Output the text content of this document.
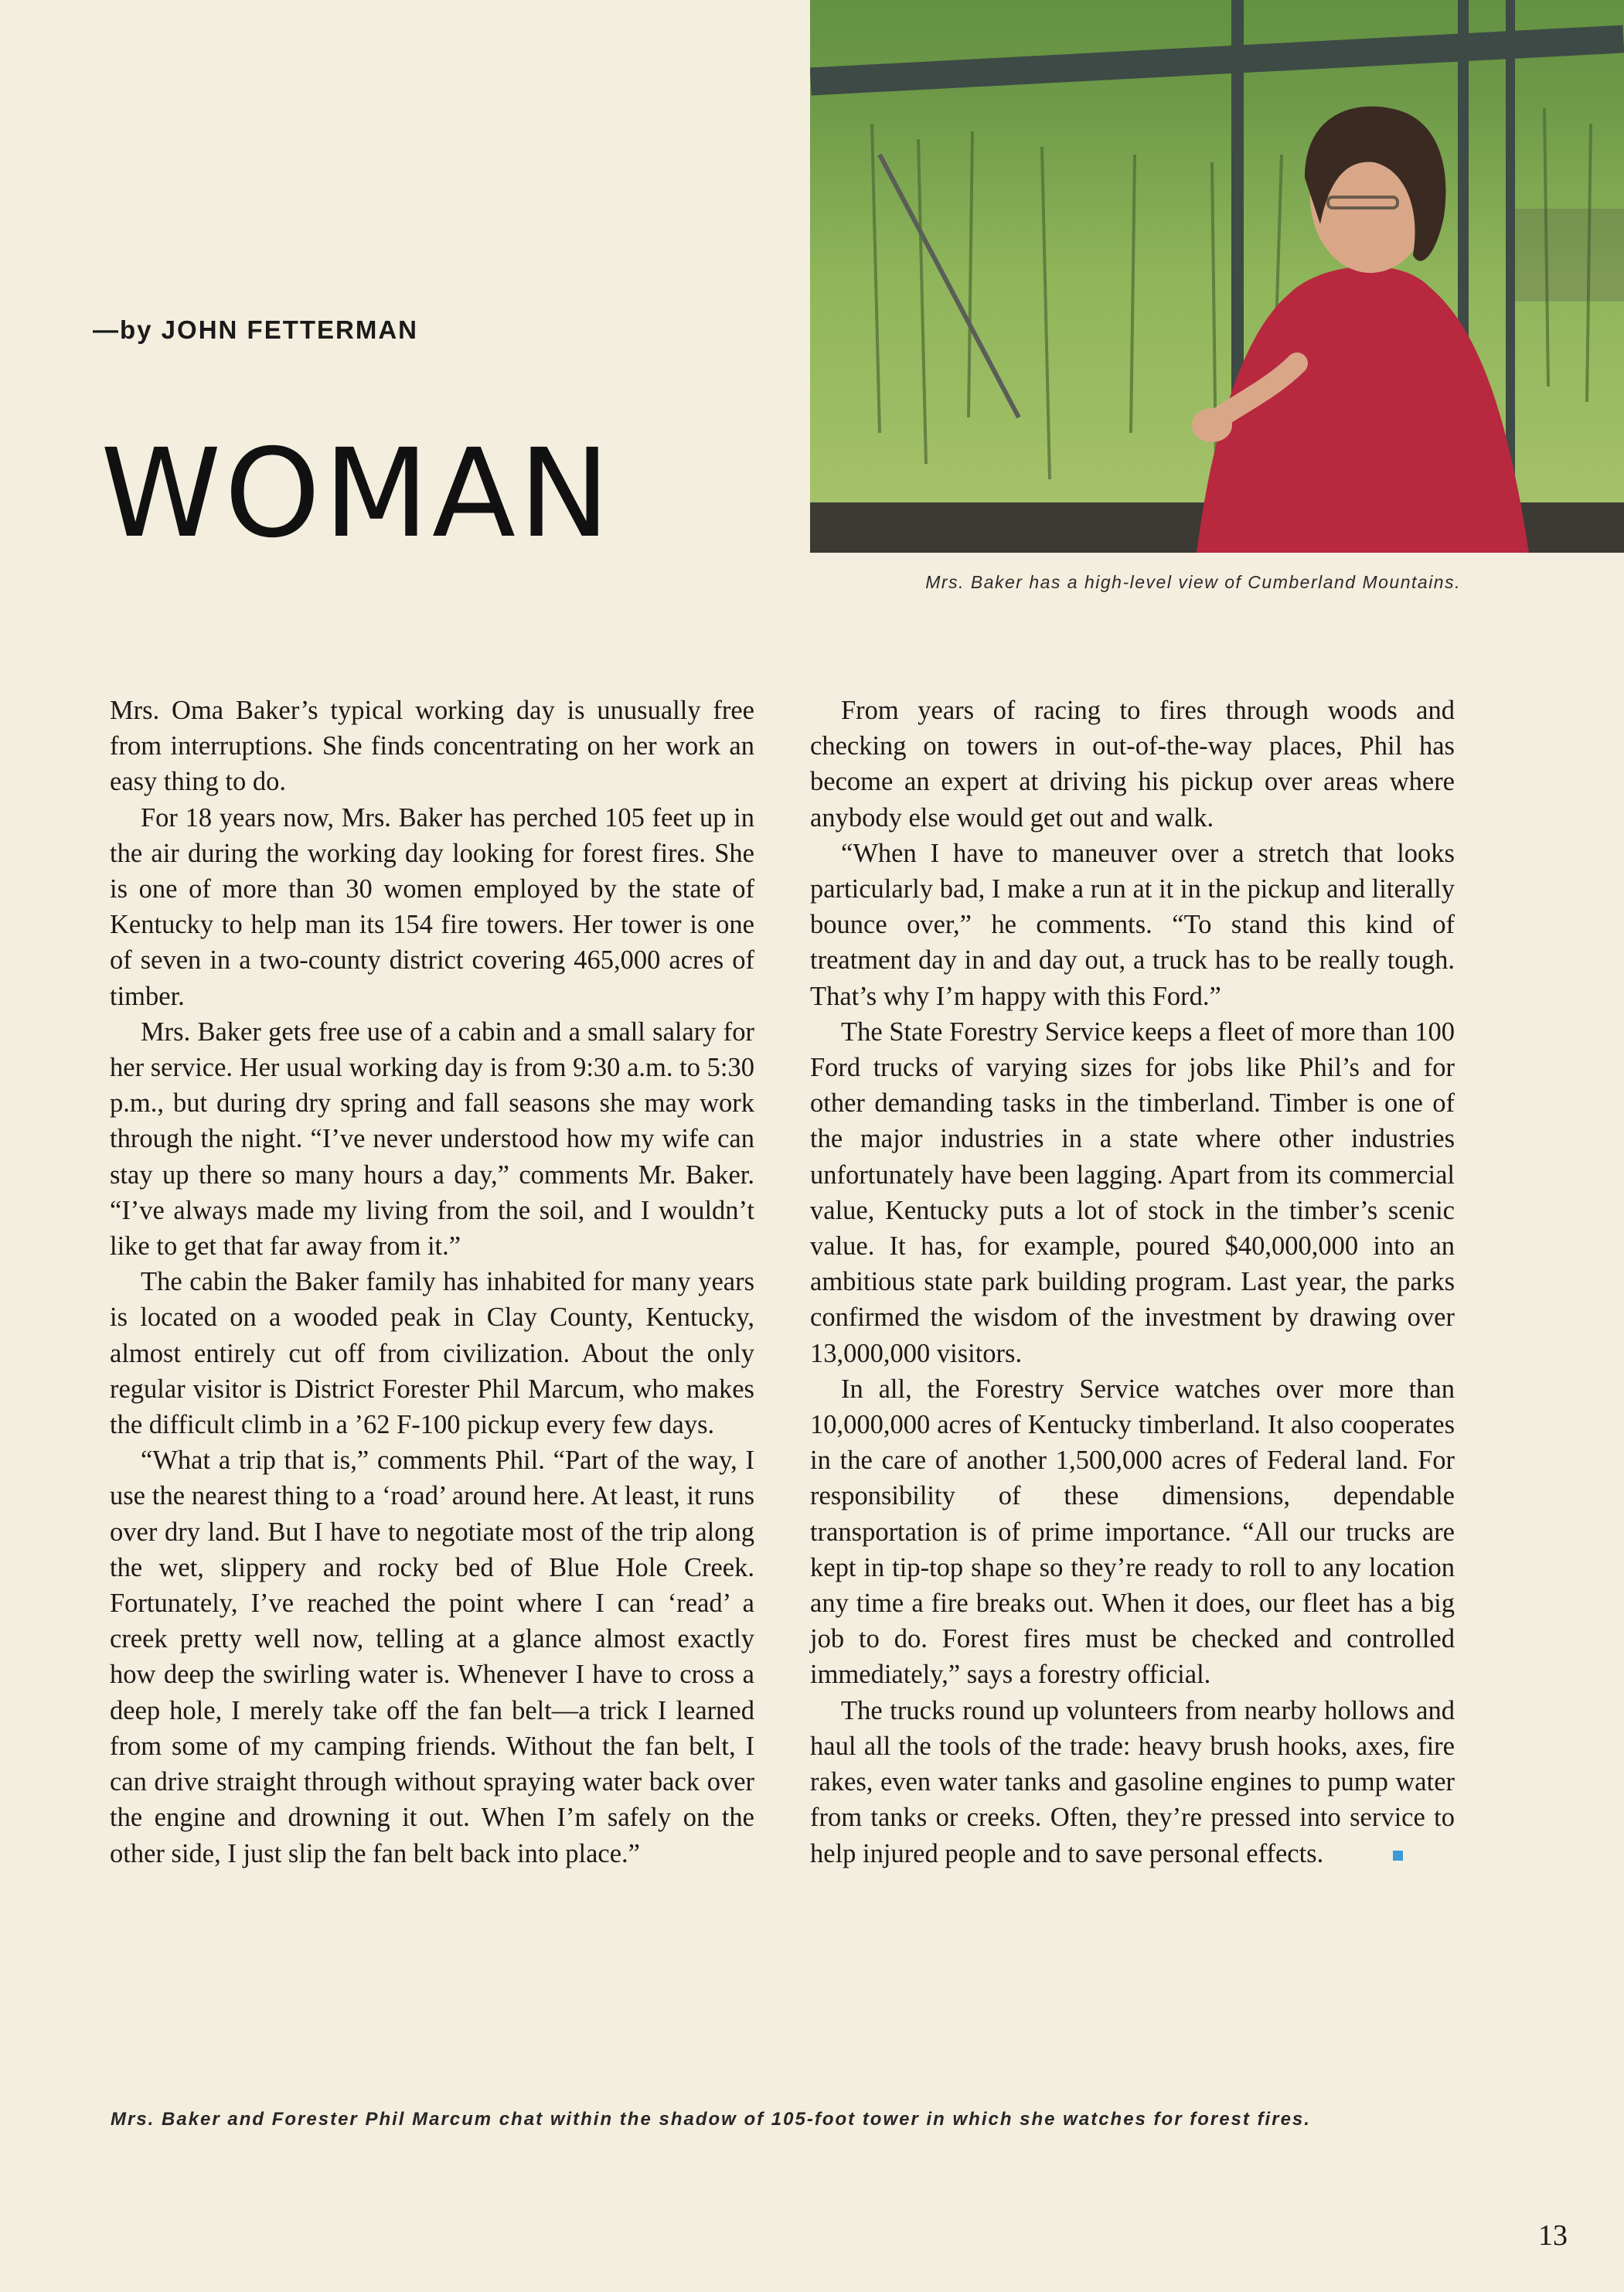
—by JOHN FETTERMAN
WOMAN
Mrs. Baker has a high-level view of Cumberland Mountains.

Mrs. Oma Baker’s typical working day is unusually free from interruptions. She finds concentrating on her work an easy thing to do.

For 18 years now, Mrs. Baker has perched 105 feet up in the air during the working day looking for forest fires. She is one of more than 30 women employed by the state of Kentucky to help man its 154 fire towers. Her tower is one of seven in a two-county district covering 465,000 acres of timber.

Mrs. Baker gets free use of a cabin and a small salary for her service. Her usual working day is from 9:30 a.m. to 5:30 p.m., but during dry spring and fall seasons she may work through the night. “I’ve never understood how my wife can stay up there so many hours a day,” comments Mr. Baker. “I’ve always made my living from the soil, and I wouldn’t like to get that far away from it.”

The cabin the Baker family has inhabited for many years is located on a wooded peak in Clay County, Kentucky, almost entirely cut off from civilization. About the only regular visitor is District Forester Phil Marcum, who makes the difficult climb in a ’62 F-100 pickup every few days.

“What a trip that is,” comments Phil. “Part of the way, I use the nearest thing to a ‘road’ around here. At least, it runs over dry land. But I have to negotiate most of the trip along the wet, slippery and rocky bed of Blue Hole Creek. Fortunately, I’ve reached the point where I can ‘read’ a creek pretty well now, telling at a glance almost exactly how deep the swirling water is. Whenever I have to cross a deep hole, I merely take off the fan belt—a trick I learned from some of my camping friends. Without the fan belt, I can drive straight through without spraying water back over the engine and drowning it out. When I’m safely on the other side, I just slip the fan belt back into place.”

From years of racing to fires through woods and checking on towers in out-of-the-way places, Phil has become an expert at driving his pickup over areas where anybody else would get out and walk.

“When I have to maneuver over a stretch that looks particularly bad, I make a run at it in the pickup and literally bounce over,” he comments. “To stand this kind of treatment day in and day out, a truck has to be really tough. That’s why I’m happy with this Ford.”

The State Forestry Service keeps a fleet of more than 100 Ford trucks of varying sizes for jobs like Phil’s and for other demanding tasks in the timberland. Timber is one of the major industries in a state where other industries unfortunately have been lagging. Apart from its commercial value, Kentucky puts a lot of stock in the timber’s scenic value. It has, for example, poured $40,000,000 into an ambitious state park building program. Last year, the parks confirmed the wisdom of the investment by drawing over 13,000,000 visitors.

In all, the Forestry Service watches over more than 10,000,000 acres of Kentucky timberland. It also cooperates in the care of another 1,500,000 acres of Federal land. For responsibility of these dimensions, dependable transportation is of prime importance. “All our trucks are kept in tip-top shape so they’re ready to roll to any location any time a fire breaks out. When it does, our fleet has a big job to do. Forest fires must be checked and controlled immediately,” says a forestry official.

The trucks round up volunteers from nearby hollows and haul all the tools of the trade: heavy brush hooks, axes, fire rakes, even water tanks and gasoline engines to pump water from tanks or creeks. Often, they’re pressed into service to help injured people and to save personal effects.

Mrs. Baker and Forester Phil Marcum chat within the shadow of 105-foot tower in which she watches for forest fires.
13
